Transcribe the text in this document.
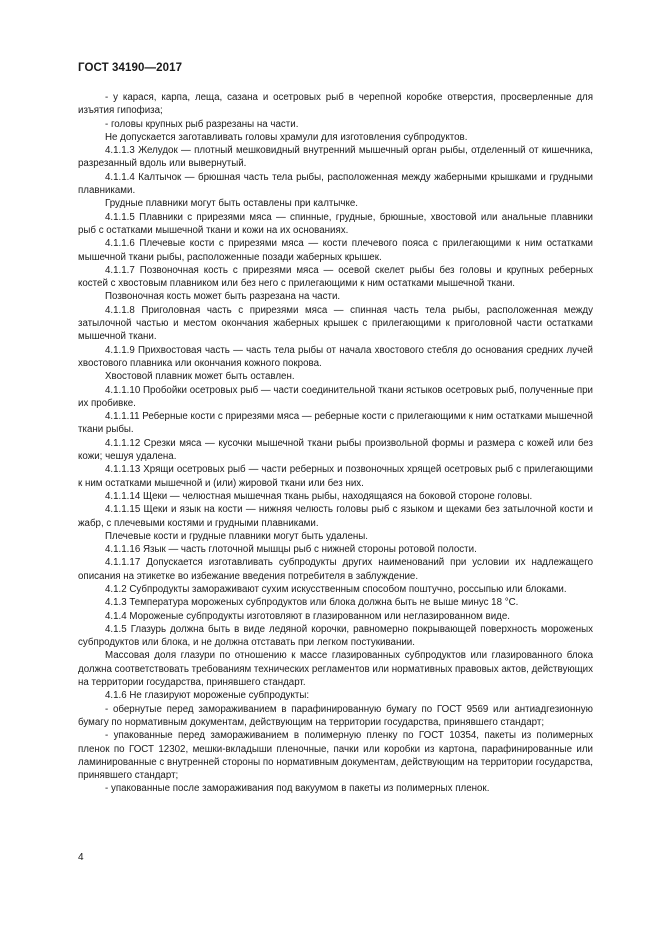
ГОСТ 34190—2017

- у карася, карпа, леща, сазана и осетровых рыб в черепной коробке отверстия, просверленные для изъятия гипофиза;

- головы крупных рыб разрезаны на части.

Не допускается заготавливать головы храмули для изготовления субпродуктов.

4.1.1.3 Желудок — плотный мешковидный внутренний мышечный орган рыбы, отделенный от кишечника, разрезанный вдоль или вывернутый.

4.1.1.4 Калтычок — брюшная часть тела рыбы, расположенная между жаберными крышками и грудными плавниками.

Грудные плавники могут быть оставлены при калтычке.

4.1.1.5 Плавники с прирезями мяса — спинные, грудные, брюшные, хвостовой или анальные плавники рыб с остатками мышечной ткани и кожи на их основаниях.

4.1.1.6 Плечевые кости с прирезями мяса — кости плечевого пояса с прилегающими к ним остатками мышечной ткани рыбы, расположенные позади жаберных крышек.

4.1.1.7 Позвоночная кость с прирезями мяса — осевой скелет рыбы без головы и крупных реберных костей с хвостовым плавником или без него с прилегающими к ним остатками мышечной ткани.

Позвоночная кость может быть разрезана на части.

4.1.1.8 Приголовная часть с прирезями мяса — спинная часть тела рыбы, расположенная между затылочной частью и местом окончания жаберных крышек с прилегающими к приголовной части остатками мышечной ткани.

4.1.1.9 Прихвостовая часть — часть тела рыбы от начала хвостового стебля до основания средних лучей хвостового плавника или окончания кожного покрова.

Хвостовой плавник может быть оставлен.

4.1.1.10 Пробойки осетровых рыб — части соединительной ткани ястыков осетровых рыб, полученные при их пробивке.

4.1.1.11 Реберные кости с прирезями мяса — реберные кости с прилегающими к ним остатками мышечной ткани рыбы.

4.1.1.12 Срезки мяса — кусочки мышечной ткани рыбы произвольной формы и размера с кожей или без кожи; чешуя удалена.

4.1.1.13 Хрящи осетровых рыб — части реберных и позвоночных хрящей осетровых рыб с прилегающими к ним остатками мышечной и (или) жировой ткани или без них.

4.1.1.14 Щеки — челюстная мышечная ткань рыбы, находящаяся на боковой стороне головы.

4.1.1.15 Щеки и язык на кости — нижняя челюсть головы рыб с языком и щеками без затылочной кости и жабр, с плечевыми костями и грудными плавниками.

Плечевые кости и грудные плавники могут быть удалены.

4.1.1.16 Язык — часть глоточной мышцы рыб с нижней стороны ротовой полости.

4.1.1.17 Допускается изготавливать субпродукты других наименований при условии их надлежащего описания на этикетке во избежание введения потребителя в заблуждение.

4.1.2 Субпродукты замораживают сухим искусственным способом поштучно, россыпью или блоками.

4.1.3 Температура мороженых субпродуктов или блока должна быть не выше минус 18 °С.

4.1.4 Мороженые субпродукты изготовляют в глазированном или неглазированном виде.

4.1.5 Глазурь должна быть в виде ледяной корочки, равномерно покрывающей поверхность мороженых субпродуктов или блока, и не должна отставать при легком постукивании.

Массовая доля глазури по отношению к массе глазированных субпродуктов или глазированного блока должна соответствовать требованиям технических регламентов или нормативных правовых актов, действующих на территории государства, принявшего стандарт.

4.1.6 Не глазируют мороженые субпродукты:

- обернутые перед замораживанием в парафинированную бумагу по ГОСТ 9569 или антиадгезионную бумагу по нормативным документам, действующим на территории государства, принявшего стандарт;

- упакованные перед замораживанием в полимерную пленку по ГОСТ 10354, пакеты из полимерных пленок по ГОСТ 12302, мешки-вкладыши пленочные, пачки или коробки из картона, парафинированные или ламинированные с внутренней стороны по нормативным документам, действующим на территории государства, принявшего стандарт;

- упакованные после замораживания под вакуумом в пакеты из полимерных пленок.

4
